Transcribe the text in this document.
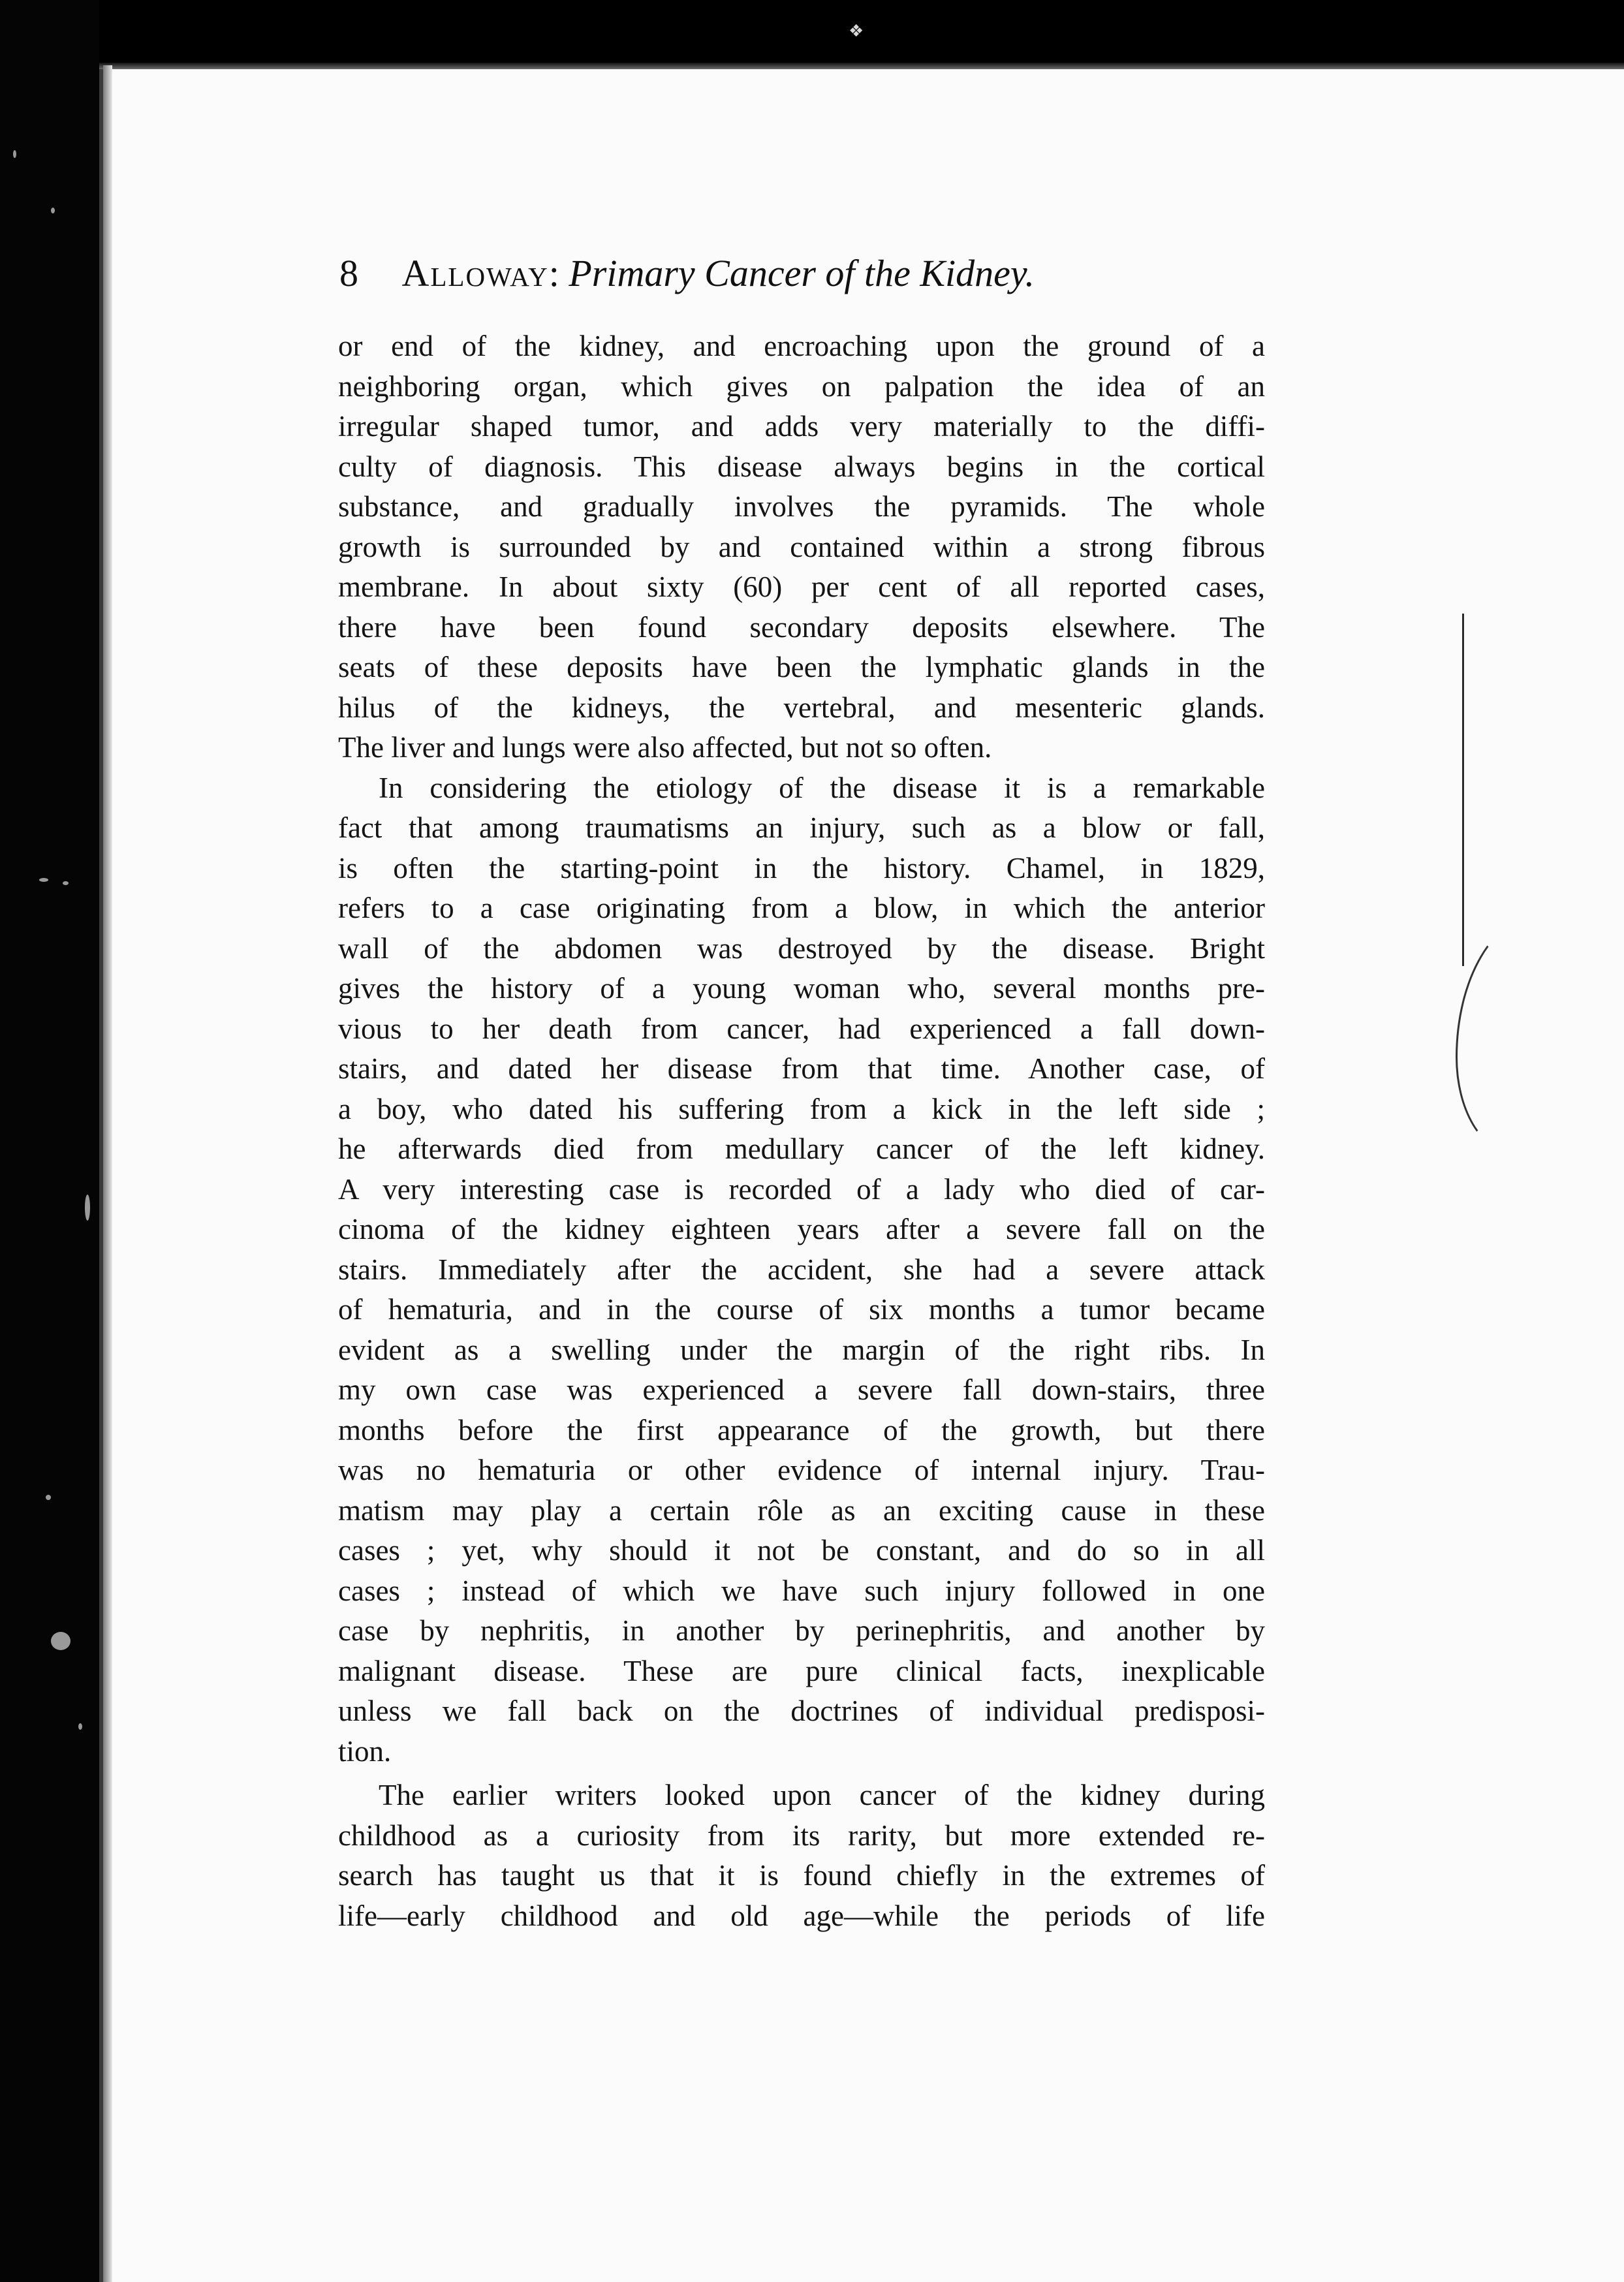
❖
8 Alloway: Primary Cancer of the Kidney.
or end of the kidney, and encroaching upon the ground of a
neighboring organ, which gives on palpation the idea of an
irregular shaped tumor, and adds very materially to the diffi-
culty of diagnosis. This disease always begins in the cortical
substance, and gradually involves the pyramids. The whole
growth is surrounded by and contained within a strong fibrous
membrane. In about sixty (60) per cent of all reported cases,
there have been found secondary deposits elsewhere. The
seats of these deposits have been the lymphatic glands in the
hilus of the kidneys, the vertebral, and mesenteric glands.
The liver and lungs were also affected, but not so often.
In considering the etiology of the disease it is a remarkable
fact that among traumatisms an injury, such as a blow or fall,
is often the starting-point in the history. Chamel, in 1829,
refers to a case originating from a blow, in which the anterior
wall of the abdomen was destroyed by the disease. Bright
gives the history of a young woman who, several months pre-
vious to her death from cancer, had experienced a fall down-
stairs, and dated her disease from that time. Another case, of
a boy, who dated his suffering from a kick in the left side ;
he afterwards died from medullary cancer of the left kidney.
A very interesting case is recorded of a lady who died of car-
cinoma of the kidney eighteen years after a severe fall on the
stairs. Immediately after the accident, she had a severe attack
of hematuria, and in the course of six months a tumor became
evident as a swelling under the margin of the right ribs. In
my own case was experienced a severe fall down-stairs, three
months before the first appearance of the growth, but there
was no hematuria or other evidence of internal injury. Trau-
matism may play a certain rôle as an exciting cause in these
cases ; yet, why should it not be constant, and do so in all
cases ; instead of which we have such injury followed in one
case by nephritis, in another by perinephritis, and another by
malignant disease. These are pure clinical facts, inexplicable
unless we fall back on the doctrines of individual predisposi-
tion.
The earlier writers looked upon cancer of the kidney during
childhood as a curiosity from its rarity, but more extended re-
search has taught us that it is found chiefly in the extremes of
life—early childhood and old age—while the periods of life
